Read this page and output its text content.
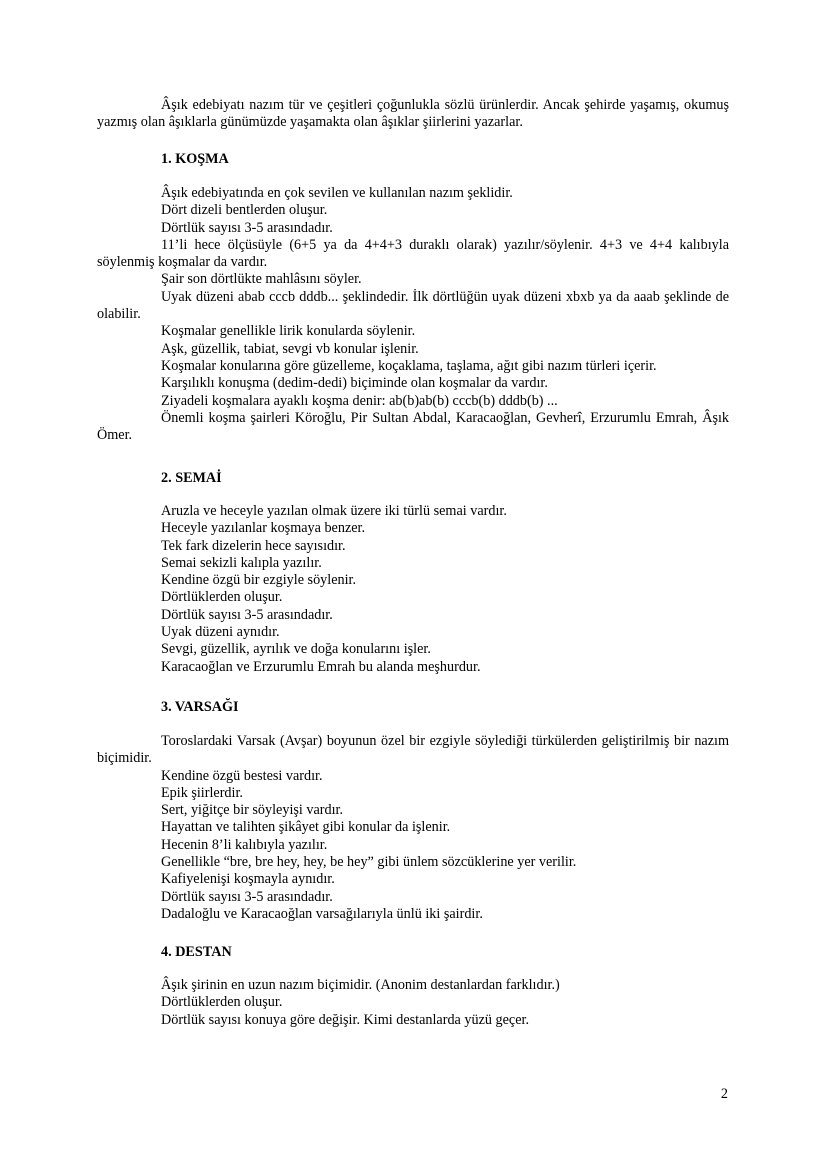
Âşık edebiyatı nazım tür ve çeşitleri çoğunlukla sözlü ürünlerdir. Ancak şehirde yaşamış, okumuş yazmış olan âşıklarla günümüzde yaşamakta olan âşıklar şiirlerini yazarlar.

1. KOŞMA
Âşık edebiyatında en çok sevilen ve kullanılan nazım şeklidir.
Dört dizeli bentlerden oluşur.
Dörtlük sayısı 3-5 arasındadır.
11’li hece ölçüsüyle (6+5 ya da 4+4+3 duraklı olarak) yazılır/söylenir. 4+3 ve 4+4 kalıbıyla söylenmiş koşmalar da vardır.
Şair son dörtlükte mahlâsını söyler.
Uyak düzeni abab cccb dddb... şeklindedir. İlk dörtlüğün uyak düzeni xbxb ya da aaab şeklinde de olabilir.
Koşmalar genellikle lirik konularda söylenir.
Aşk, güzellik, tabiat, sevgi vb konular işlenir.
Koşmalar konularına göre güzelleme, koçaklama, taşlama, ağıt gibi nazım türleri içerir.
Karşılıklı konuşma (dedim-dedi) biçiminde olan koşmalar da vardır.
Ziyadeli koşmalara ayaklı koşma denir: ab(b)ab(b) cccb(b) dddb(b) ...
Önemli koşma şairleri Köroğlu, Pir Sultan Abdal, Karacaoğlan, Gevherî, Erzurumlu Emrah, Âşık Ömer.
2. SEMAİ
Aruzla ve heceyle yazılan olmak üzere iki türlü semai vardır.
Heceyle yazılanlar koşmaya benzer.
Tek fark dizelerin hece sayısıdır.
Semai sekizli kalıpla yazılır.
Kendine özgü bir ezgiyle söylenir.
Dörtlüklerden oluşur.
Dörtlük sayısı 3-5 arasındadır.
Uyak düzeni aynıdır.
Sevgi, güzellik, ayrılık ve doğa konularını işler.
Karacaoğlan ve Erzurumlu Emrah bu alanda meşhurdur.
3. VARSAĞI
Toroslardaki Varsak (Avşar) boyunun özel bir ezgiyle söylediği türkülerden geliştirilmiş bir nazım biçimidir.
Kendine özgü bestesi vardır.
Epik şiirlerdir.
Sert, yiğitçe bir söyleyişi vardır.
Hayattan ve talihten şikâyet gibi konular da işlenir.
Hecenin 8’li kalıbıyla yazılır.
Genellikle “bre, bre hey, hey, be hey” gibi ünlem sözcüklerine yer verilir.
Kafiyelenişi koşmayla aynıdır.
Dörtlük sayısı 3-5 arasındadır.
Dadaloğlu ve Karacaoğlan varsağılarıyla ünlü iki şairdir.
4. DESTAN
Âşık şirinin en uzun nazım biçimidir. (Anonim destanlardan farklıdır.)
Dörtlüklerden oluşur.
Dörtlük sayısı konuya göre değişir. Kimi destanlarda yüzü geçer.
2
